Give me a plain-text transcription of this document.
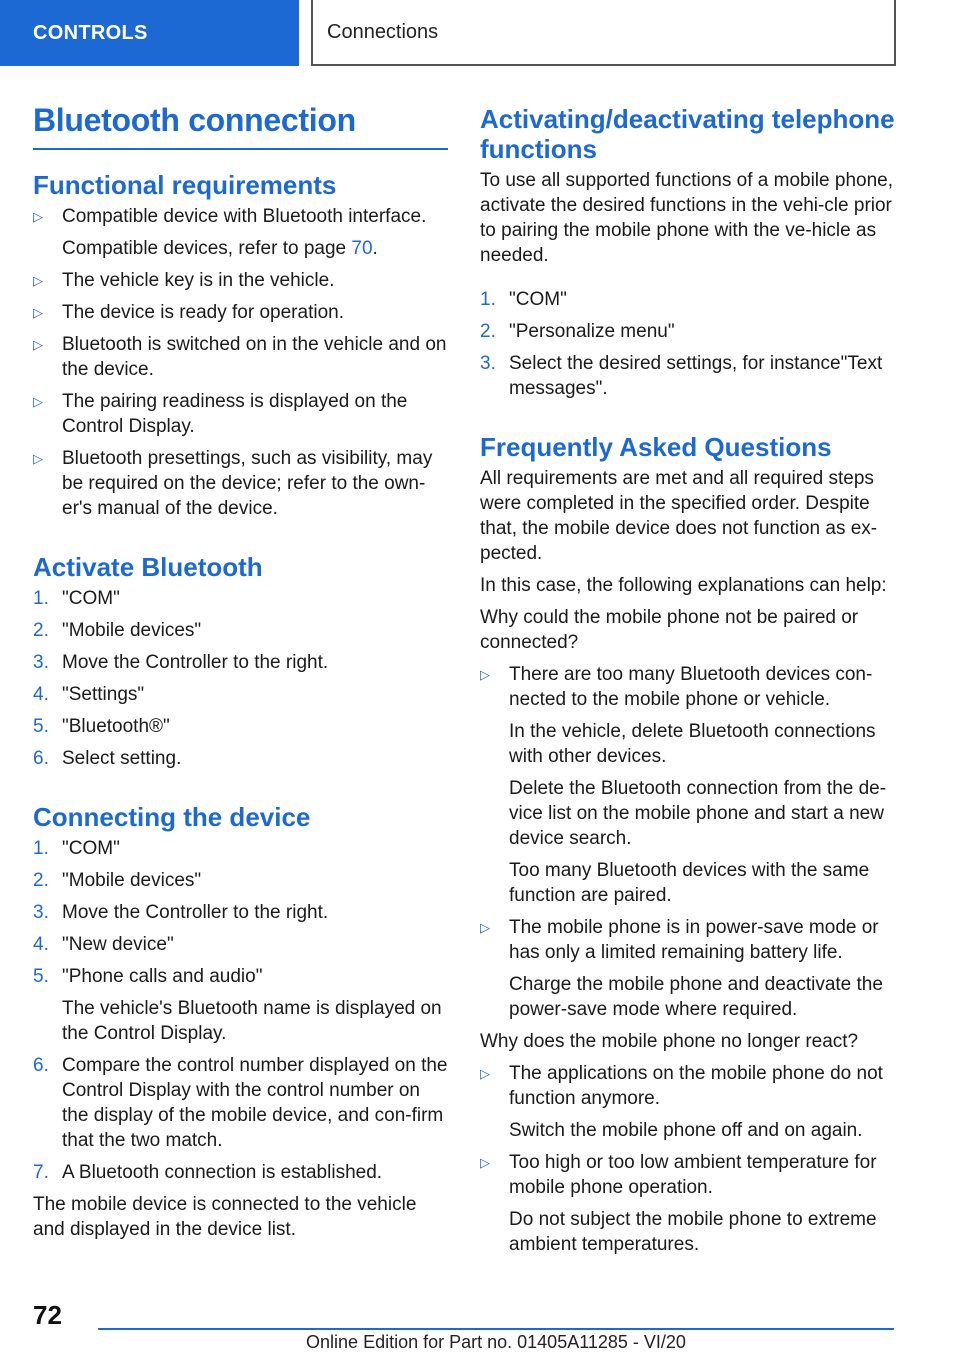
CONTROLS	Connections
Bluetooth connection
Functional requirements
▷ Compatible device with Bluetooth interface.
Compatible devices, refer to page 70.
▷ The vehicle key is in the vehicle.
▷ The device is ready for operation.
▷ Bluetooth is switched on in the vehicle and on the device.
▷ The pairing readiness is displayed on the Control Display.
▷ Bluetooth presettings, such as visibility, may be required on the device; refer to the own-er's manual of the device.
Activate Bluetooth
1. "COM"
2. "Mobile devices"
3. Move the Controller to the right.
4. "Settings"
5. "Bluetooth®"
6. Select setting.
Connecting the device
1. "COM"
2. "Mobile devices"
3. Move the Controller to the right.
4. "New device"
5. "Phone calls and audio"
The vehicle's Bluetooth name is displayed on the Control Display.
6. Compare the control number displayed on the Control Display with the control number on the display of the mobile device, and con-firm that the two match.
7. A Bluetooth connection is established.

The mobile device is connected to the vehicle and displayed in the device list.

Activating/deactivating telephone functions

To use all supported functions of a mobile phone, activate the desired functions in the vehi-cle prior to pairing the mobile phone with the ve-hicle as needed.

1. "COM"
2. "Personalize menu"
3. Select the desired settings, for instance"Text messages".
Frequently Asked Questions

All requirements are met and all required steps were completed in the specified order. Despite that, the mobile device does not function as ex-pected.

In this case, the following explanations can help:

Why could the mobile phone not be paired or connected?

▷ There are too many Bluetooth devices con-nected to the mobile phone or vehicle.
In the vehicle, delete Bluetooth connections with other devices.
Delete the Bluetooth connection from the de-vice list on the mobile phone and start a new device search.
Too many Bluetooth devices with the same function are paired.
▷ The mobile phone is in power-save mode or has only a limited remaining battery life.
Charge the mobile phone and deactivate the power-save mode where required.

Why does the mobile phone no longer react?

▷ The applications on the mobile phone do not function anymore.
Switch the mobile phone off and on again.
▷ Too high or too low ambient temperature for mobile phone operation.
Do not subject the mobile phone to extreme ambient temperatures.
72
Online Edition for Part no. 01405A11285 - VI/20
